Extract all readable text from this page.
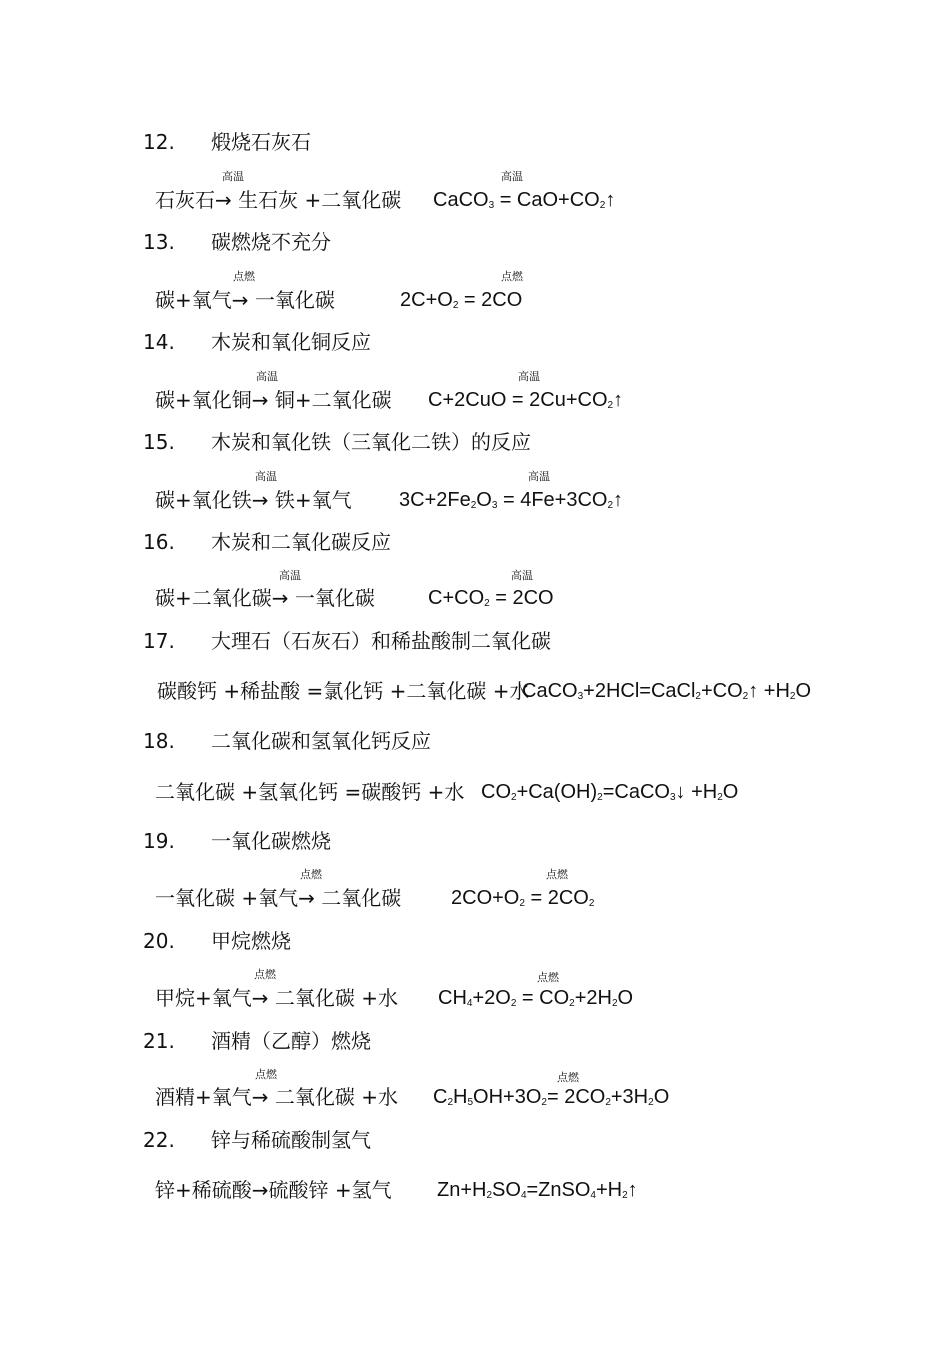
12. 煅烧石灰石
高温	高温
石灰石→ 生石灰 +二氧化碳 CaCO$_3$ = $CaO+CO_2↑$
13. 碳燃烧不充分
点燃	点燃
碳+氧气→ 一氧化碳	$2C+O_2 = 2CO$
14. 木炭和氧化铜反应
高温	高温
碳+氧化铜→ 铜+二氧化碳 $C+2CuO = 2Cu+CO_2↑$
15. 木炭和氧化铁（三氧化二铁）的反应
高温	高温
碳+氧化铁→ 铁+氧气 $3C+2Fe_2O_3$ = $4Fe+3CO_2↑$
16. 木炭和二氧化碳反应
高温	高温
碳+二氧化碳→ 一氧化碳	$C+CO_2 = 2CO$
17. 大理石（石灰石）和稀盐酸制二氧化碳
碳酸钙 +稀盐酸 =氯化钙 +二氧化碳 +水
$CaCO_3+2HCl=CaCl_2+CO_2↑ +H_2O$
18. 二氧化碳和氢氧化钙反应
二氧化碳 +氢氧化钙 =碳酸钙 +水 $CO_2+Ca(OH)_2=CaCO_3↓ +H_2O$
19. 一氧化碳燃烧
点燃	点燃
一氧化碳 +氧气→ 二氧化碳 $2CO+O_2 = 2CO_2$
20. 甲烷燃烧
点燃	点燃
甲烷+氧气→ 二氧化碳 +水 $CH_4+2O_2 = CO_2+2H_2O$
21. 酒精（乙醇）燃烧
点燃	点燃
酒精+氧气→ 二氧化碳 +水 $C_2H_5OH+3O_2= 2CO_2+3H_2O$
22. 锌与稀硫酸制氢气
锌+稀硫酸→硫酸锌 +氢气 $Zn+H_2SO_4=ZnSO_4+H_2↑$
